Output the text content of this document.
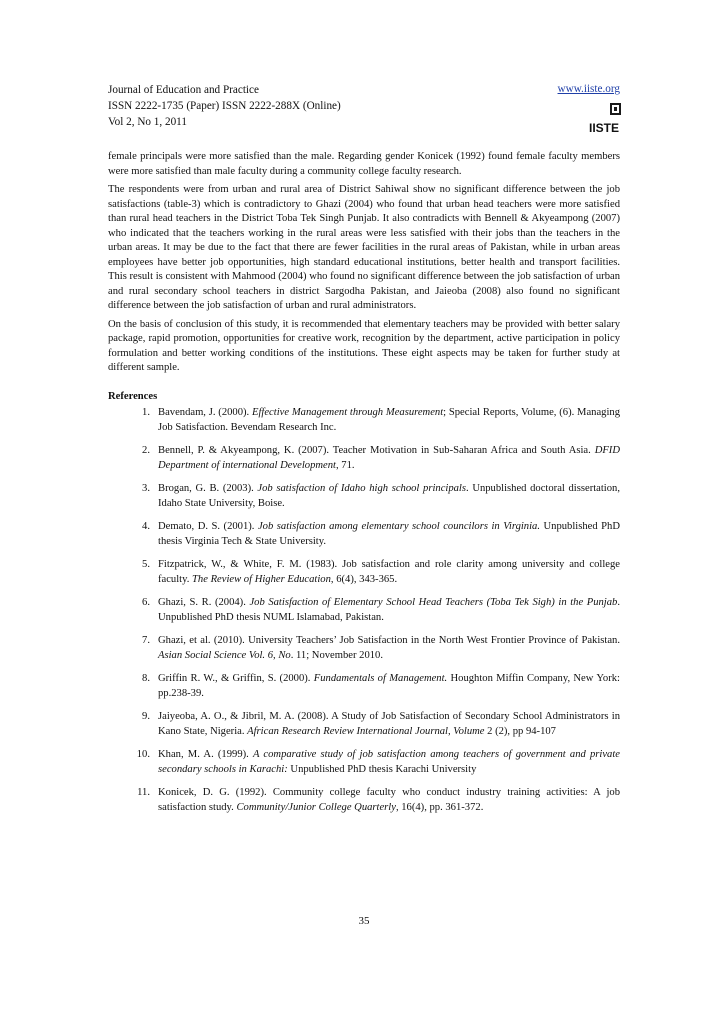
Journal of Education and Practice
ISSN 2222-1735 (Paper) ISSN 2222-288X (Online)
Vol 2, No 1, 2011
www.iiste.org
IISTE

female principals were more satisfied than the male. Regarding gender Konicek (1992) found female faculty members were more satisfied than male faculty during a community college faculty research.

The respondents were from urban and rural area of District Sahiwal show no significant difference between the job satisfactions (table-3) which is contradictory to Ghazi (2004) who found that urban head teachers were more satisfied than rural head teachers in the District Toba Tek Singh Punjab. It also contradicts with Bennell & Akyeampong (2007) who indicated that the teachers working in the rural areas were less satisfied with their jobs than the teachers in the urban areas. It may be due to the fact that there are fewer facilities in the rural areas of Pakistan, while in urban areas employees have better job opportunities, high standard educational institutions, better health and transport facilities. This result is consistent with Mahmood (2004) who found no significant difference between the job satisfaction of urban and rural secondary school teachers in district Sargodha Pakistan, and Jaieoba (2008) also found no significant difference between the job satisfaction of urban and rural administrators.

On the basis of conclusion of this study, it is recommended that elementary teachers may be provided with better salary package, rapid promotion, opportunities for creative work, recognition by the department, active participation in policy formulation and better working conditions of the institutions. These eight aspects may be taken for further study at different sample.

References
1. Bavendam, J. (2000). Effective Management through Measurement; Special Reports, Volume, (6). Managing Job Satisfaction. Bevendam Research Inc.
2. Bennell, P. & Akyeampong, K. (2007). Teacher Motivation in Sub-Saharan Africa and South Asia. DFID Department of international Development, 71.
3. Brogan, G. B. (2003). Job satisfaction of Idaho high school principals. Unpublished doctoral dissertation, Idaho State University, Boise.
4. Demato, D. S. (2001). Job satisfaction among elementary school councilors in Virginia. Unpublished PhD thesis Virginia Tech & State University.
5. Fitzpatrick, W., & White, F. M. (1983). Job satisfaction and role clarity among university and college faculty. The Review of Higher Education, 6(4), 343-365.
6. Ghazi, S. R. (2004). Job Satisfaction of Elementary School Head Teachers (Toba Tek Sigh) in the Punjab. Unpublished PhD thesis NUML Islamabad, Pakistan.
7. Ghazi, et al. (2010). University Teachers’ Job Satisfaction in the North West Frontier Province of Pakistan. Asian Social Science Vol. 6, No. 11; November 2010.
8. Griffin R. W., & Griffin, S. (2000). Fundamentals of Management. Houghton Miffin Company, New York: pp.238-39.
9. Jaiyeoba, A. O., & Jibril, M. A. (2008). A Study of Job Satisfaction of Secondary School Administrators in Kano State, Nigeria. African Research Review International Journal, Volume 2 (2), pp 94-107
10. Khan, M. A. (1999). A comparative study of job satisfaction among teachers of government and private secondary schools in Karachi: Unpublished PhD thesis Karachi University
11. Konicek, D. G. (1992). Community college faculty who conduct industry training activities: A job satisfaction study. Community/Junior College Quarterly, 16(4), pp. 361-372.
35
